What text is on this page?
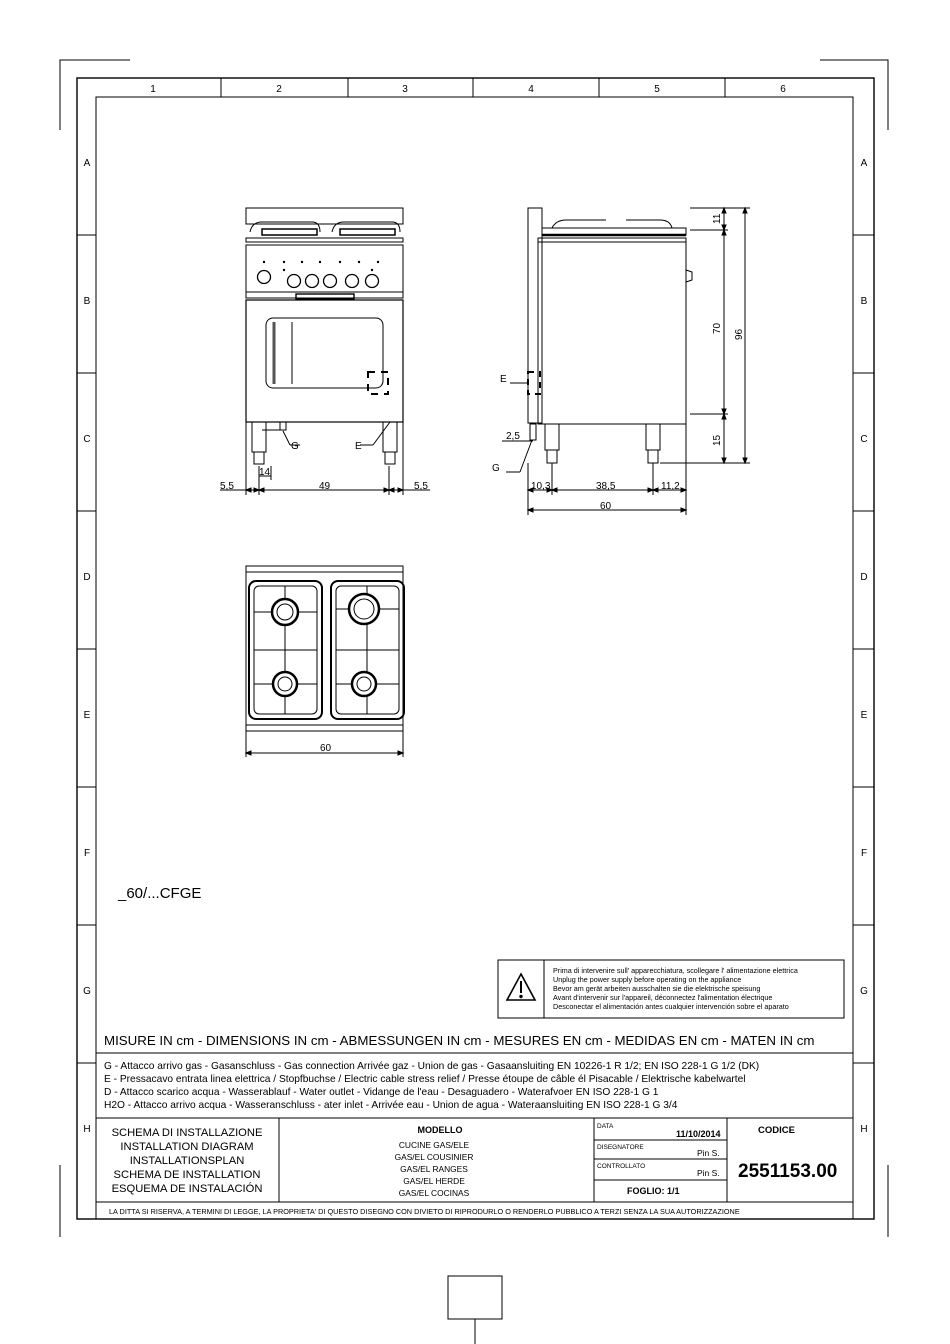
1	2	3	4	5	6
A	A
B	B
C	C
D	D
E	E
F	F
G	G
H	H
G	E
5,5
14
49	5,5
E
G
2,5
10,3	38,5	11,2
60
11
70
96
15
60
_60/...CFGE
Prima di intervenire sull' apparecchiatura, scollegare l' alimentazione elettrica
Unplug the power supply before operating on the appliance
Bevor am gerät arbeiten ausschalten sie die elektrische speisung
Avant d'intervenir sur l'appareil, déconnectez l'alimentation électrique
Desconectar el alimentación antes cualquier intervención sobre el aparato
MISURE IN cm - DIMENSIONS IN cm - ABMESSUNGEN IN cm - MESURES EN cm - MEDIDAS EN cm - MATEN IN cm
G - Attacco arrivo gas - Gasanschluss - Gas connection Arrivée gaz - Union de gas - Gasaansluiting EN 10226-1 R 1/2; EN ISO 228-1 G 1/2 (DK)
E - Pressacavo entrata linea elettrica / Stopfbuchse / Electric cable stress relief / Presse étoupe de câble él Pisacable / Elektrische kabelwartel
D - Attacco scarico acqua - Wasserablauf - Water outlet - Vidange de l'eau - Desaguadero - Waterafvoer EN ISO 228-1 G 1
H2O - Attacco arrivo acqua - Wasseranschluss - ater inlet - Arrivée eau - Union de agua - Wateraansluiting EN ISO 228-1 G 3/4
SCHEMA DI INSTALLAZIONE
INSTALLATION DIAGRAM
INSTALLATIONSPLAN
SCHEMA DE INSTALLATION
ESQUEMA DE INSTALACIÓN
MODELLO
CUCINE GAS/ELE
GAS/EL COUSINIER
GAS/EL RANGES
GAS/EL HERDE
GAS/EL COCINAS
DATA
11/10/2014
DISEGNATORE
Pin S.
CONTROLLATO
Pin S.
FOGLIO: 1/1
CODICE
2551153.00
LA DITTA SI RISERVA, A TERMINI DI LEGGE, LA PROPRIETA' DI QUESTO DISEGNO CON DIVIETO DI RIPRODURLO O RENDERLO PUBBLICO A TERZI SENZA LA SUA AUTORIZZAZIONE
